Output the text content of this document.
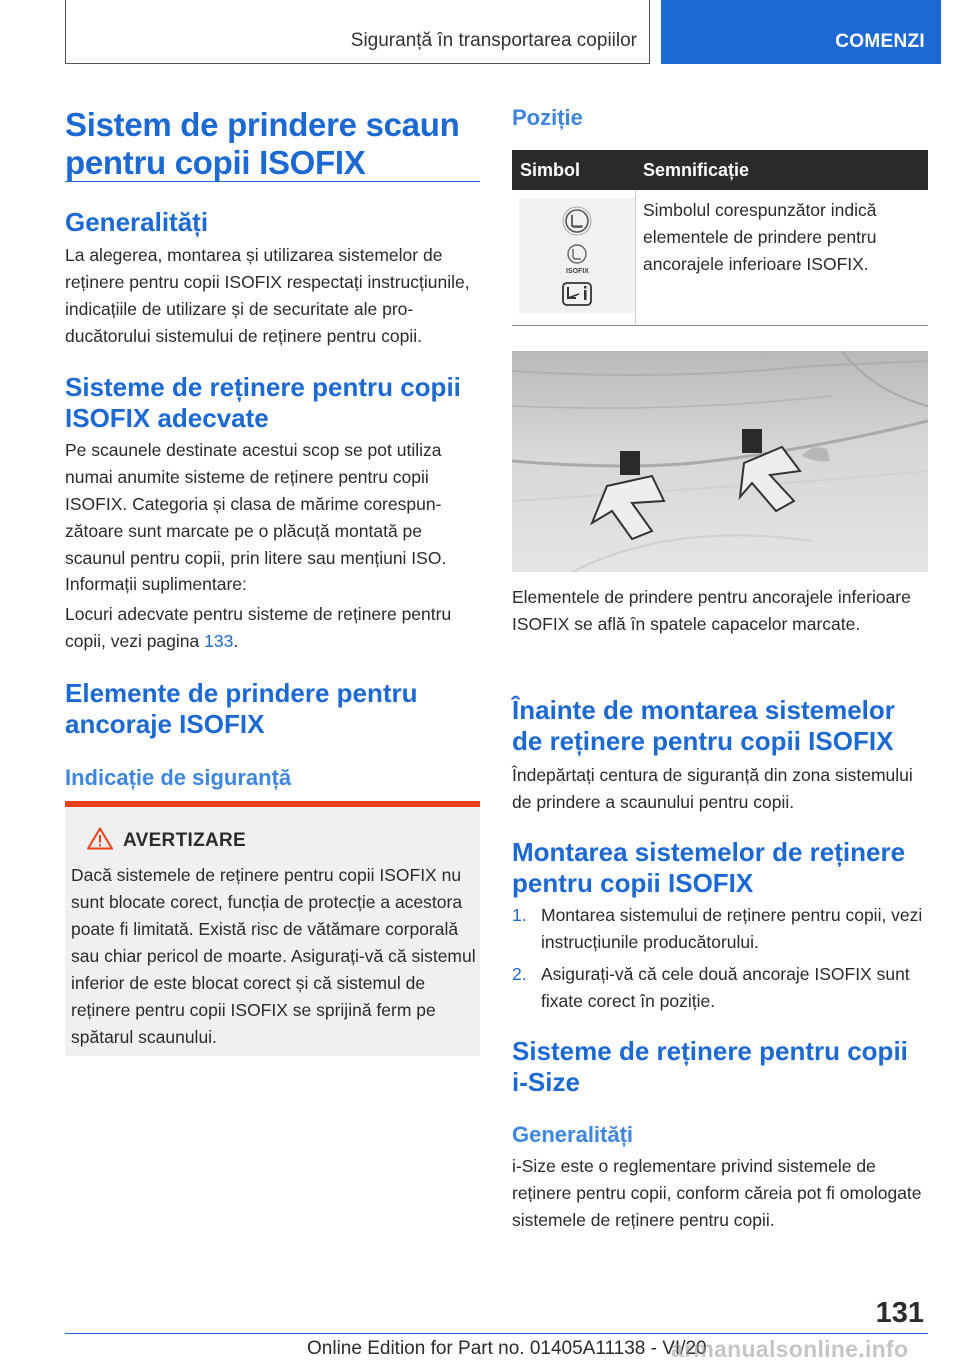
Siguranță în transportarea copiilor	COMENZI
Sistem de prindere scaun pentru copii ISOFIX
Generalități

La alegerea, montarea și utilizarea sistemelor de reținere pentru copii ISOFIX respectați instrucțiunile, indicațiile de utilizare și de securitate ale producătorului sistemului de reținere pentru copii.

Sisteme de reținere pentru copii ISOFIX adecvate

Pe scaunele destinate acestui scop se pot utiliza numai anumite sisteme de reținere pentru copii ISOFIX. Categoria și clasa de mărime corespunzătoare sunt marcate pe o plăcuță montată pe scaunul pentru copii, prin litere sau mențiuni ISO.

Informații suplimentare:

Locuri adecvate pentru sisteme de reținere pentru copii, vezi pagina 133.

Elemente de prindere pentru ancoraje ISOFIX
Indicație de siguranță
AVERTIZARE

Dacă sistemele de reținere pentru copii ISOFIX nu sunt blocate corect, funcția de protecție a acestora poate fi limitată. Există risc de vătămare corporală sau chiar pericol de moarte. Asigurați-vă că sistemul inferior de este blocat corect și că sistemul de reținere pentru copii ISOFIX se sprijină ferm pe spătarul scaunului.

Poziție
Simbol	Semnificație
ISOFIX

Simbolul corespunzător indică elementele de prindere pentru ancorajele inferioare ISOFIX.

Elementele de prindere pentru ancorajele inferioare ISOFIX se află în spatele capacelor marcate.

Înainte de montarea sistemelor de reținere pentru copii ISOFIX

Îndepărtați centura de siguranță din zona sistemului de prindere a scaunului pentru copii.

Montarea sistemelor de reținere pentru copii ISOFIX
1. Montarea sistemului de reținere pentru copii, vezi instrucțiunile producătorului.
2. Asigurați-vă că cele două ancoraje ISOFIX sunt fixate corect în poziție.
Sisteme de reținere pentru copii i-Size
Generalități

i-Size este o reglementare privind sistemele de reținere pentru copii, conform căreia pot fi omologate sistemele de reținere pentru copii.

131
Online Edition for Part no. 01405A11138 - VI/20
armanualsonline.info
